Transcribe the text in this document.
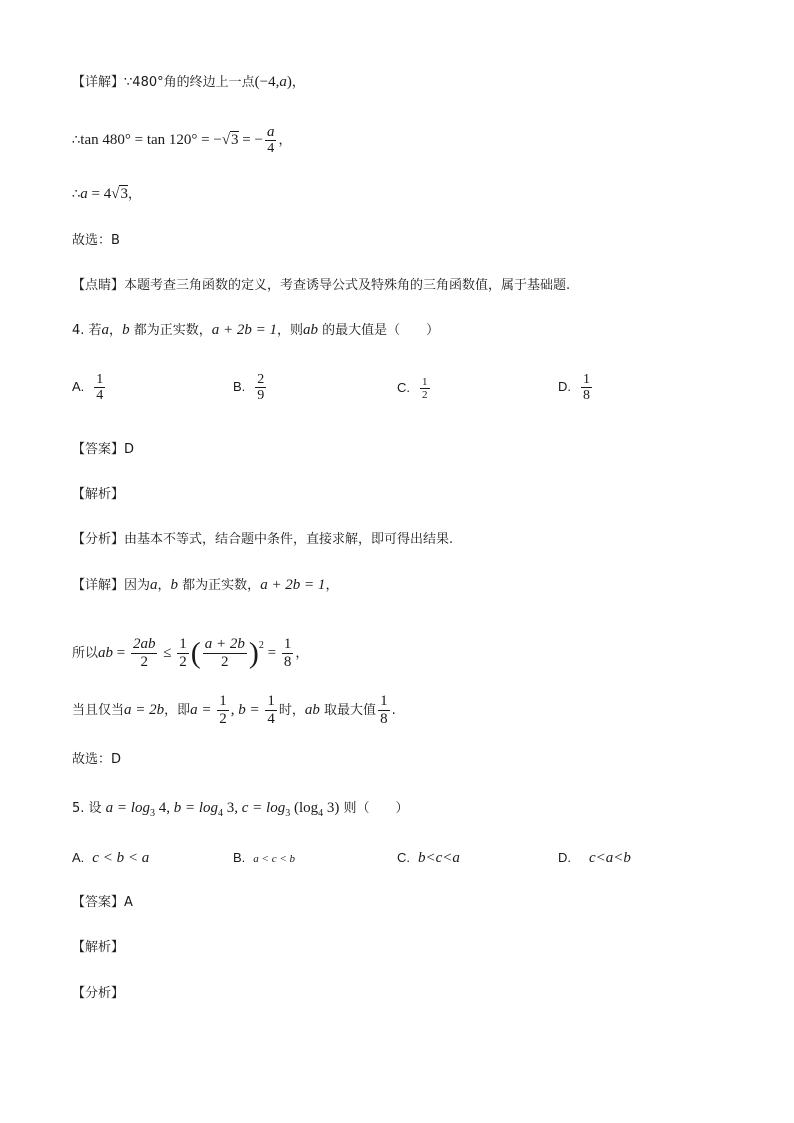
【详解】∵480°角的终边上一点(−4,a)，
∴tan 480° = tan 120° = −√3 = − $\frac{a}{4}$ ，
∴a = 4√3，
故选：B
【点睛】本题考查三角函数的定义，考查诱导公式及特殊角的三角函数值，属于基础题.
4. 若a，b 都为正实数，a + 2b = 1，则ab 的最大值是（　　）
A. $\frac{1}{4}$	B. $\frac{2}{9}$	C. $\frac{1}{2}$	D. $\frac{1}{8}$
【答案】D
【解析】
【分析】由基本不等式，结合题中条件，直接求解，即可得出结果.
【详解】因为a，b 都为正实数，a + 2b = 1，
所以ab = $\frac{2ab}{2} \le \frac{1}{2}$ ( $\frac{a + 2b}{2} )^2 = \frac{1}{8}$ ，
当且仅当a = 2b，即$a = \frac{1}{2}$ , $b = \frac{1}{4}$ 时，ab 取最大值 $\frac{1}{8}$ .
故选：D
5. 设 $a = \log_3 4$, $b = \log_4 3$, $c = \log_3 (\log_4$ 3) 则（　　）
A. c < b < a	B. a < c < b	C. b<c<a	D. c<a<b
【答案】A
【解析】
【分析】
